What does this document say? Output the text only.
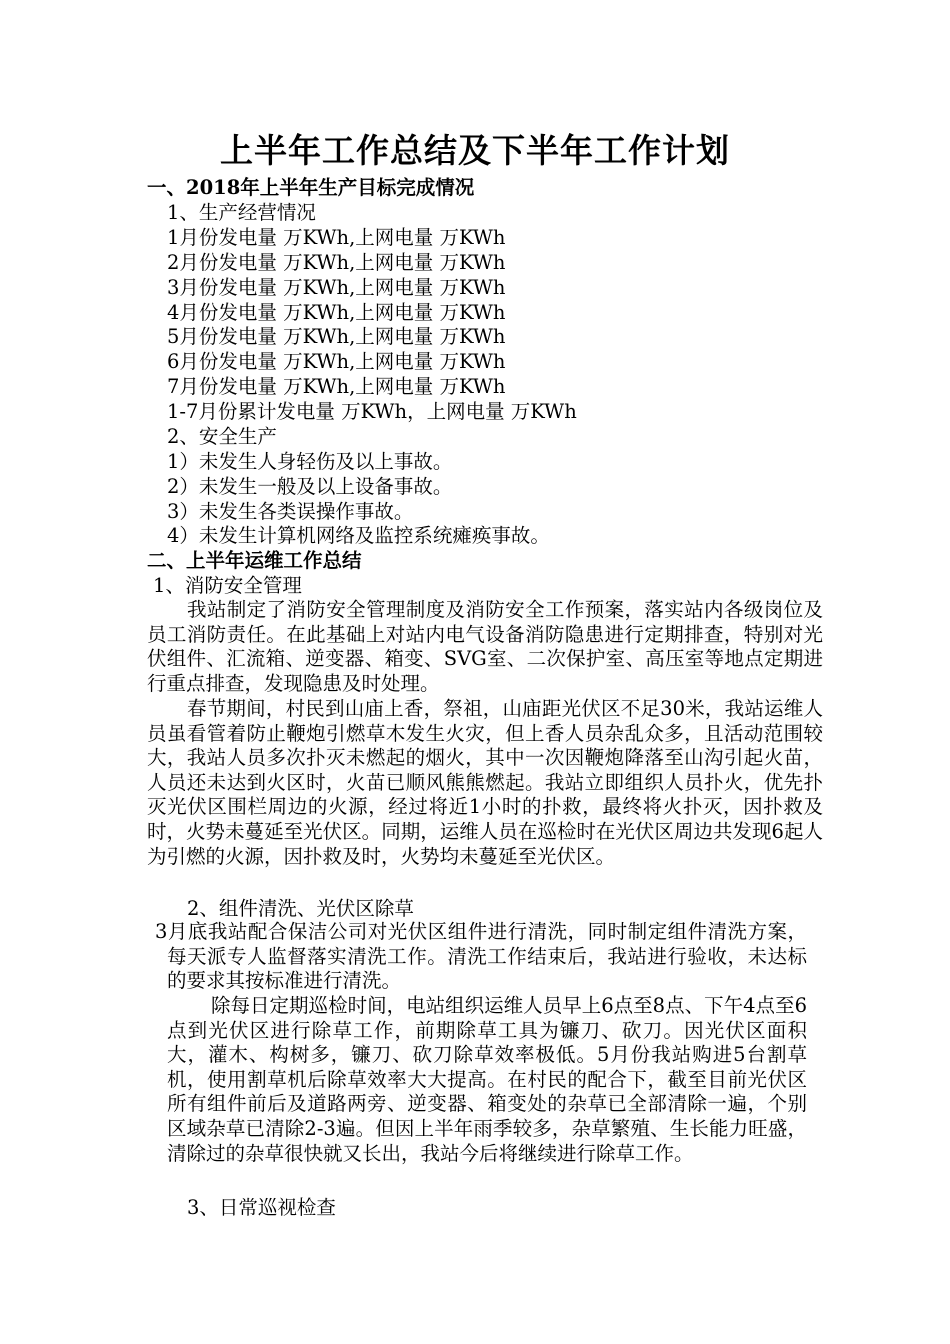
上半年工作总结及下半年工作计划
一、2018年上半年生产目标完成情况
1、生产经营情况
1月份发电量 万KWh,上网电量 万KWh
2月份发电量 万KWh,上网电量 万KWh
3月份发电量 万KWh,上网电量 万KWh
4月份发电量 万KWh,上网电量 万KWh
5月份发电量 万KWh,上网电量 万KWh
6月份发电量 万KWh,上网电量 万KWh
7月份发电量 万KWh,上网电量 万KWh
1-7月份累计发电量 万KWh，上网电量 万KWh
2、安全生产
1）未发生人身轻伤及以上事故。
2）未发生一般及以上设备事故。
3）未发生各类误操作事故。
4）未发生计算机网络及监控系统瘫痪事故。
二、上半年运维工作总结
1、消防安全管理
我站制定了消防安全管理制度及消防安全工作预案，落实站内各级岗位及员工消防责任。在此基础上对站内电气设备消防隐患进行定期排查，特别对光伏组件、汇流箱、逆变器、箱变、SVG室、二次保护室、高压室等地点定期进行重点排查，发现隐患及时处理。
春节期间，村民到山庙上香，祭祖，山庙距光伏区不足30米，我站运维人员虽看管着防止鞭炮引燃草木发生火灾，但上香人员杂乱众多，且活动范围较大，我站人员多次扑灭未燃起的烟火，其中一次因鞭炮降落至山沟引起火苗，人员还未达到火区时，火苗已顺风熊熊燃起。我站立即组织人员扑火，优先扑灭光伏区围栏周边的火源，经过将近1小时的扑救，最终将火扑灭，因扑救及时，火势未蔓延至光伏区。同期，运维人员在巡检时在光伏区周边共发现6起人为引燃的火源，因扑救及时，火势均未蔓延至光伏区。
2、组件清洗、光伏区除草
3月底我站配合保洁公司对光伏区组件进行清洗，同时制定组件清洗方案，每天派专人监督落实清洗工作。清洗工作结束后，我站进行验收，未达标的要求其按标准进行清洗。
除每日定期巡检时间，电站组织运维人员早上6点至8点、下午4点至6点到光伏区进行除草工作，前期除草工具为镰刀、砍刀。因光伏区面积大，灌木、构树多，镰刀、砍刀除草效率极低。5月份我站购进5台割草机，使用割草机后除草效率大大提高。在村民的配合下，截至目前光伏区所有组件前后及道路两旁、逆变器、箱变处的杂草已全部清除一遍，个别区域杂草已清除2-3遍。但因上半年雨季较多，杂草繁殖、生长能力旺盛，清除过的杂草很快就又长出，我站今后将继续进行除草工作。
3、日常巡视检查
